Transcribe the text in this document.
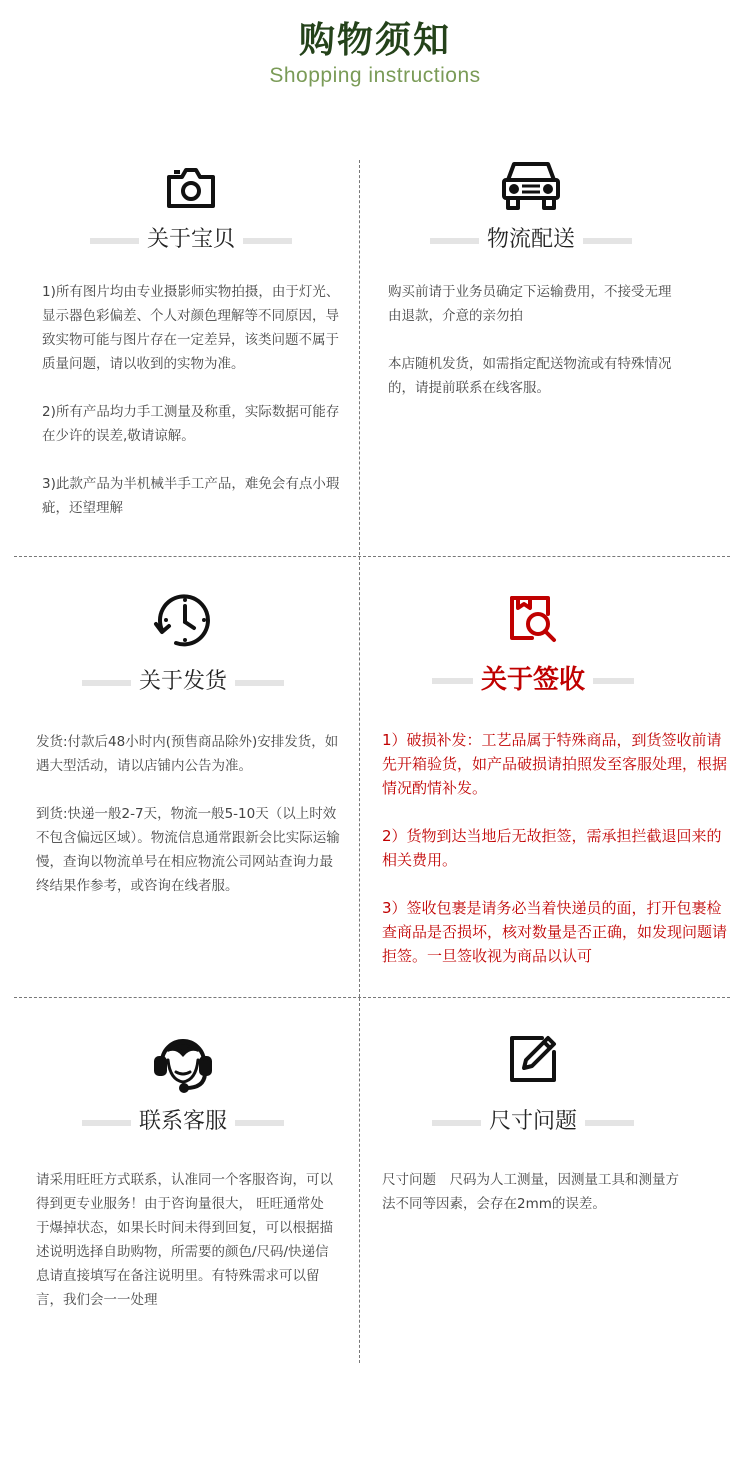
购物须知
Shopping instructions
关于宝贝

1)所有图片均由专业摄影师实物拍摄，由于灯光、显示器色彩偏差、个人对颜色理解等不同原因，导致实物可能与图片存在一定差异，该类问题不属于质量问题，请以收到的实物为准。

2)所有产品均力手工测量及称重，实际数据可能存在少许的误差,敬请谅解。

3)此款产品为半机械半手工产品，难免会有点小瑕疵，还望理解

物流配送

购买前请于业务员确定下运输费用，不接受无理由退款，介意的亲勿拍

本店随机发货，如需指定配送物流或有特殊情况的，请提前联系在线客服。

关于发货

发货:付款后48小时内(预售商品除外)安排发货，如遇大型活动，请以店铺内公告为准。

到货:快递一般2-7天，物流一般5-10天（以上时效不包含偏远区域）。物流信息通常跟新会比实际运输慢，查询以物流单号在相应物流公司网站查询力最终结果作参考，或咨询在线者服。

关于签收

1）破损补发：工艺品属于特殊商品，到货签收前请先开箱验货，如产品破损请拍照发至客服处理，根据情况酌情补发。

2）货物到达当地后无故拒签，需承担拦截退回来的相关费用。

3）签收包裹是请务必当着快递员的面，打开包裹检查商品是否损坏，核对数量是否正确，如发现问题请拒签。一旦签收视为商品以认可

联系客服

请采用旺旺方式联系，认准同一个客服咨询，可以得到更专业服务！由于咨询量很大， 旺旺通常处于爆掉状态，如果长时间未得到回复，可以根据描述说明选择自助购物，所需要的颜色/尺码/快递信息请直接填写在备注说明里。有特殊需求可以留言，我们会一一处理

尺寸问题

尺寸问题　尺码为人工测量，因测量工具和测量方法不同等因素，会存在2mm的误差。
